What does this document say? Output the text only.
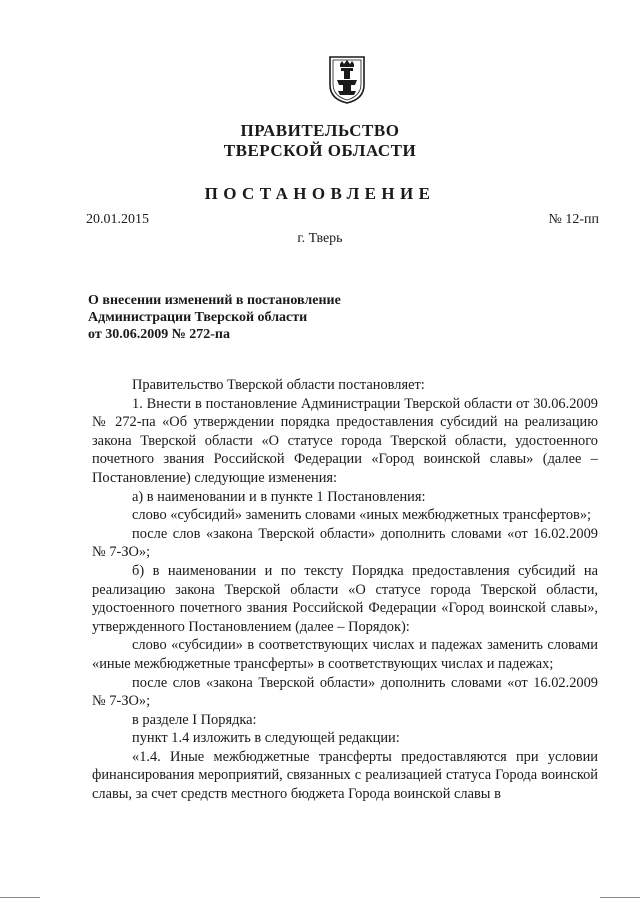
ПРАВИТЕЛЬСТВО
ТВЕРСКОЙ ОБЛАСТИ
ПОСТАНОВЛЕНИЕ
20.01.2015	№ 12-пп
г. Тверь
О внесении изменений в постановление
Администрации Тверской области
от 30.06.2009 № 272-па

Правительство Тверской области постановляет:

1. Внести в постановление Администрации Тверской области от 30.06.2009 № 272-па «Об утверждении порядка предоставления субсидий на реализацию закона Тверской области «О статусе города Тверской области, удостоенного почетного звания Российской Федерации «Город воинской славы» (далее – Постановление) следующие изменения:

а) в наименовании и в пункте 1 Постановления:

слово «субсидий» заменить словами «иных межбюджетных трансфертов»;

после слов «закона Тверской области» дополнить словами «от 16.02.2009 № 7-ЗО»;

б) в наименовании и по тексту Порядка предоставления субсидий на реализацию закона Тверской области «О статусе города Тверской области, удостоенного почетного звания Российской Федерации «Город воинской славы», утвержденного Постановлением (далее – Порядок):

слово «субсидии» в соответствующих числах и падежах заменить словами «иные межбюджетные трансферты» в соответствующих числах и падежах;

после слов «закона Тверской области» дополнить словами «от 16.02.2009 № 7-ЗО»;

в разделе I Порядка:

пункт 1.4 изложить в следующей редакции:

«1.4. Иные межбюджетные трансферты предоставляются при условии финансирования мероприятий, связанных с реализацией статуса Города воинской славы, за счет средств местного бюджета Города воинской славы в
